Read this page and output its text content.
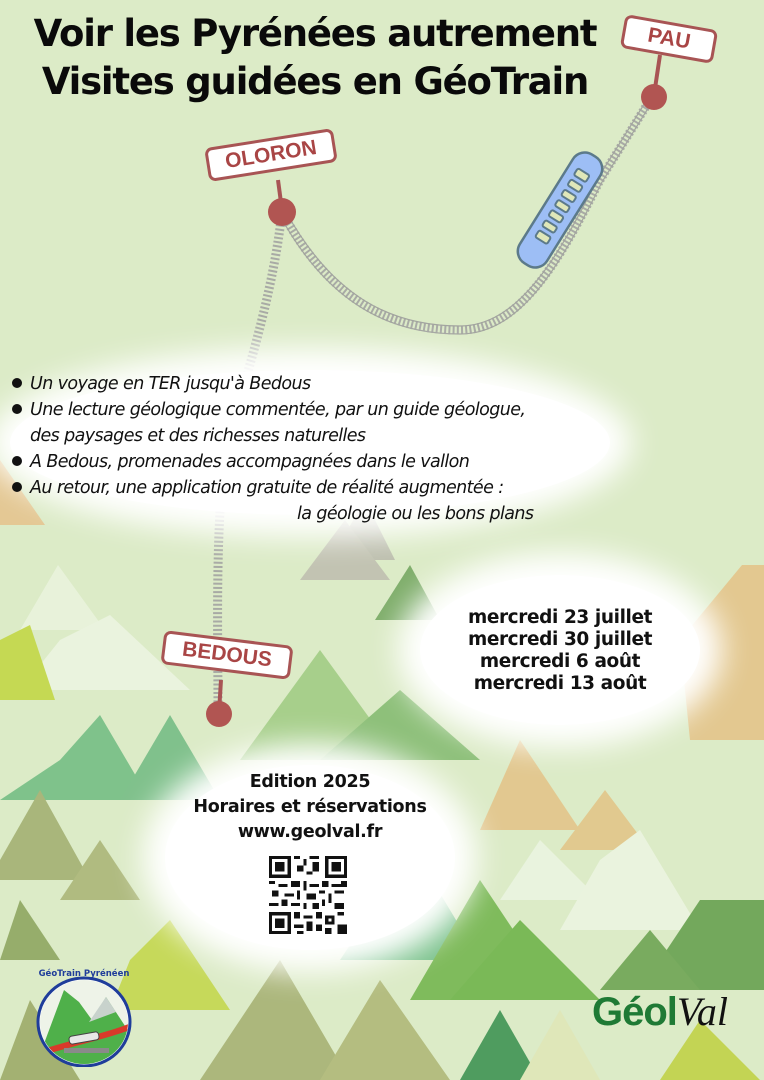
Voir les Pyrénées autrement
Visites guidées en GéoTrain
PAU
OLORON
BEDOUS
Un voyage en TER jusqu'à Bedous
Une lecture géologique commentée, par un guide géologue,
des paysages et des richesses naturelles
A Bedous, promenades accompagnées dans le vallon
Au retour, une application gratuite de réalité augmentée :
la géologie ou les bons plans
mercredi 23 juillet
mercredi 30 juillet
mercredi 6 août
mercredi 13 août
Edition 2025
Horaires et réservations
www.geolval.fr
GéoTrain Pyrénéen
GéolVal
